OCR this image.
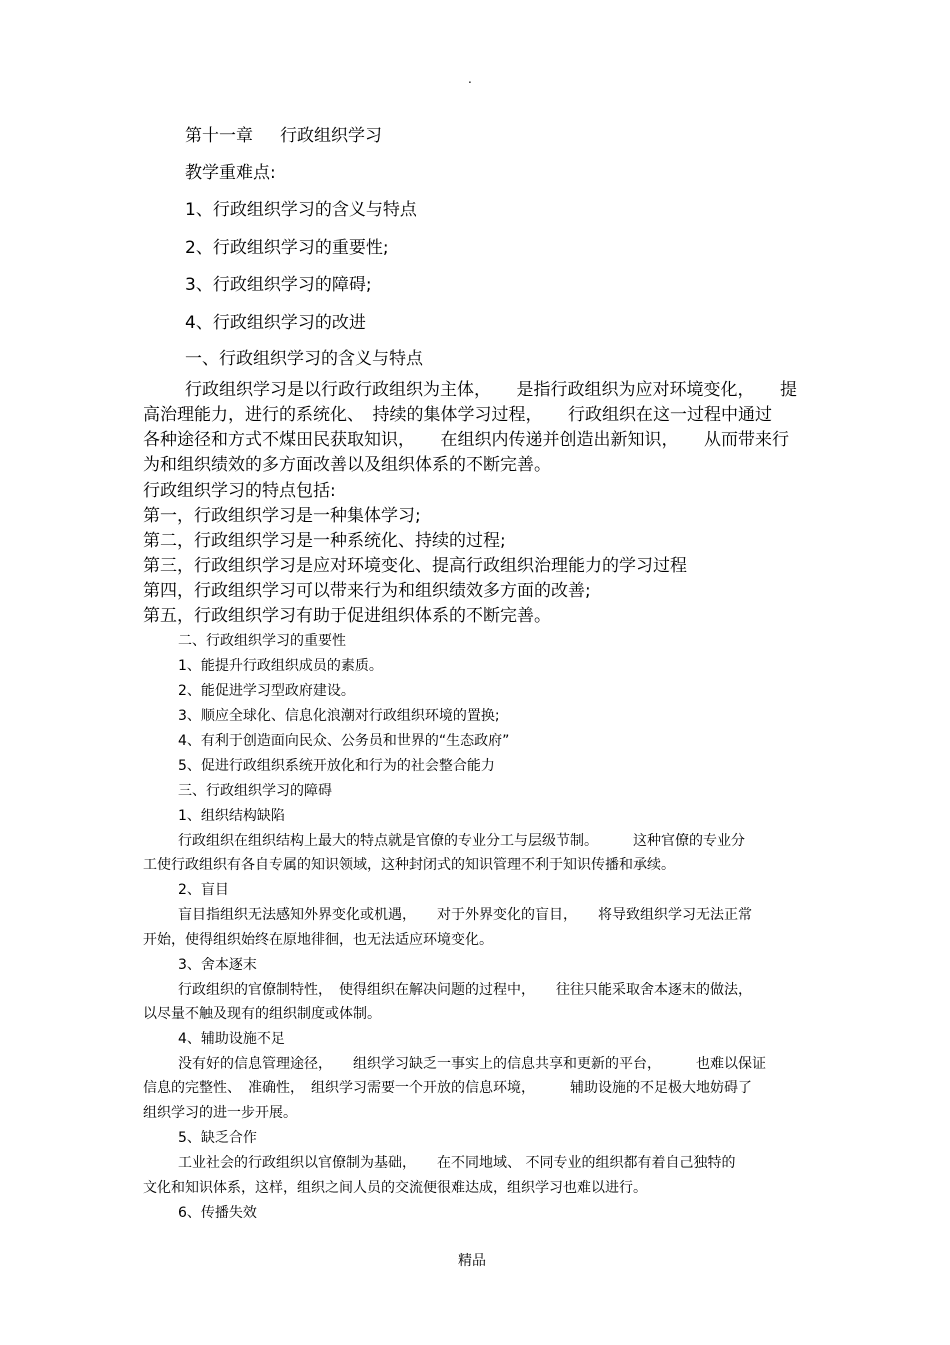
.
第十一章 行政组织学习
教学重难点:
1、行政组织学习的含义与特点
2、行政组织学习的重要性;
3、行政组织学习的障碍;
4、行政组织学习的改进
一、行政组织学习的含义与特点
行政组织学习是以行政行政组织为主体，　　是指行政组织为应对环境变化，　　提
高治理能力，进行的系统化、　持续的集体学习过程，　　行政组织在这一过程中通过
各种途径和方式不煤田民获取知识，　　在组织内传递并创造出新知识，　　从而带来行
为和组织绩效的多方面改善以及组织体系的不断完善。
行政组织学习的特点包括:
第一，行政组织学习是一种集体学习;
第二，行政组织学习是一种系统化、持续的过程;
第三，行政组织学习是应对环境变化、提高行政组织治理能力的学习过程
第四，行政组织学习可以带来行为和组织绩效多方面的改善;
第五，行政组织学习有助于促进组织体系的不断完善。
二、行政组织学习的重要性
1、能提升行政组织成员的素质。
2、能促进学习型政府建设。
3、顺应全球化、信息化浪潮对行政组织环境的置换;
4、有利于创造面向民众、公务员和世界的“生态政府”
5、促进行政组织系统开放化和行为的社会整合能力
三、行政组织学习的障碍
1、组织结构缺陷
行政组织在组织结构上最大的特点就是官僚的专业分工与层级节制。　　　这种官僚的专业分
工使行政组织有各自专属的知识领域，这种封闭式的知识管理不利于知识传播和承续。
2、盲目
盲目指组织无法感知外界变化或机遇，　　对于外界变化的盲目，　　将导致组织学习无法正常
开始，使得组织始终在原地徘徊，也无法适应环境变化。
3、舍本逐末
行政组织的官僚制特性，　使得组织在解决问题的过程中，　　往往只能采取舍本逐末的做法，
以尽量不触及现有的组织制度或体制。
4、辅助设施不足
没有好的信息管理途径，　　组织学习缺乏一事实上的信息共享和更新的平台，　　　也难以保证
信息的完整性、　准确性，　组织学习需要一个开放的信息环境，　　　辅助设施的不足极大地妨碍了
组织学习的进一步开展。
5、缺乏合作
工业社会的行政组织以官僚制为基础，　　在不同地域、 不同专业的组织都有着自己独特的
文化和知识体系，这样，组织之间人员的交流便很难达成，组织学习也难以进行。
6、传播失效
精品
